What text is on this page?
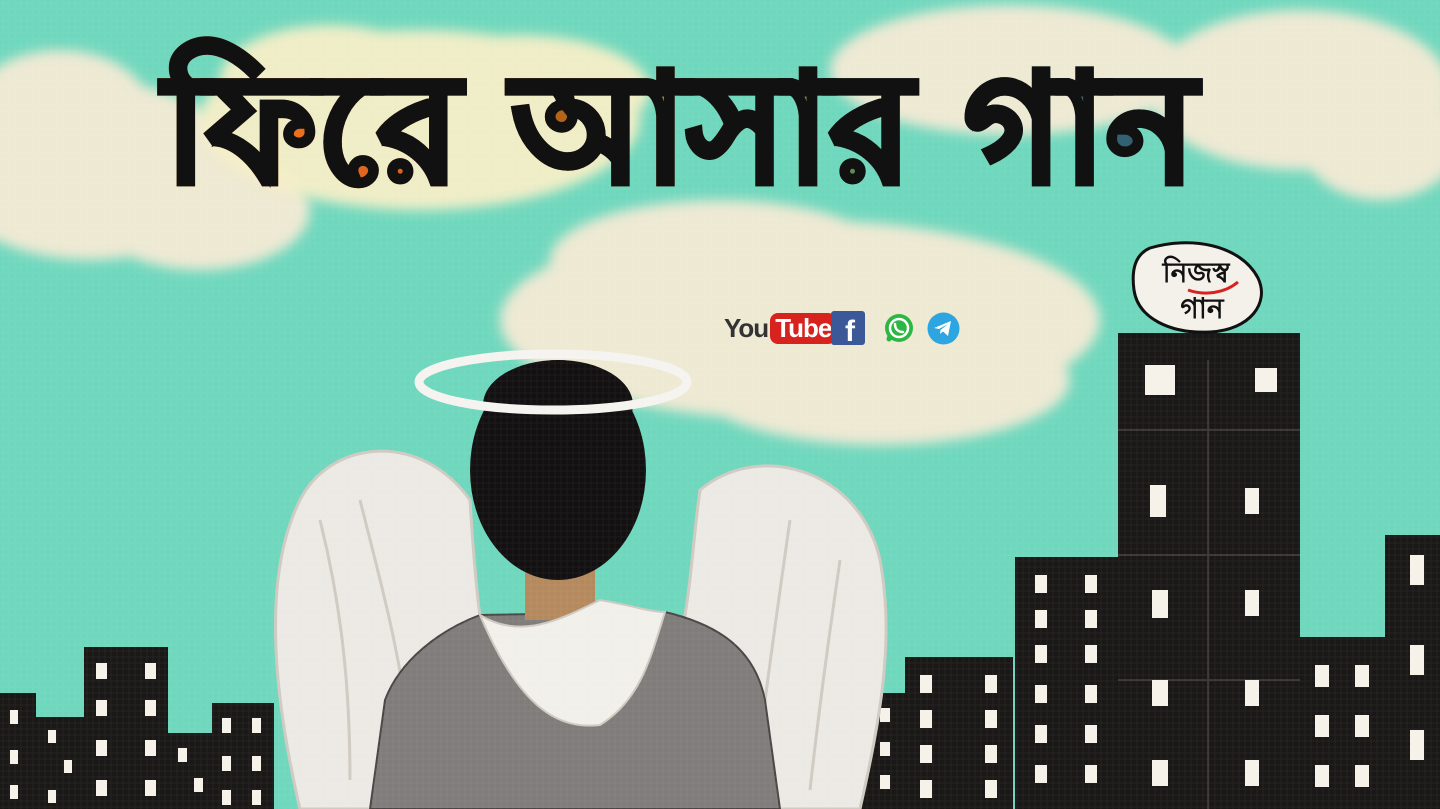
ফিরে আসার গান
You Tube f
নিজস্ব
গান
